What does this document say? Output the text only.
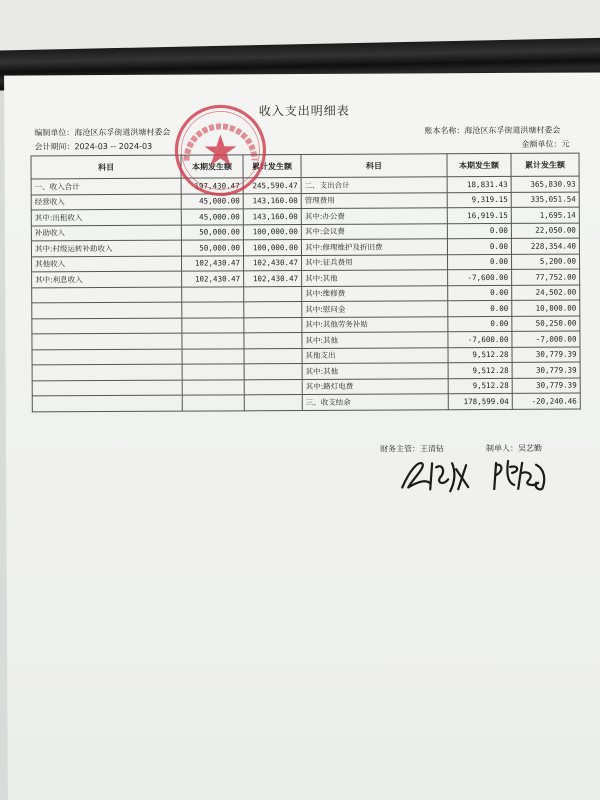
收入支出明细表
编制单位：海沧区东孚街道洪塘村委会
会计期间：2024-03 -- 2024-03
账本名称：海沧区东孚街道洪塘村委会
金额单位：元
科目	本期发生额	累计发生额	科目	本期发生额	累计发生额
一、收入合计	197,430.47	245,590.47	二、支出合计	18,831.43	365,830.93
经营收入	45,000.00	143,160.00	管理费用	9,319.15	335,051.54
其中:出租收入	45,000.00	143,160.00	其中:办公费	16,919.15	1,695.14
补助收入	50,000.00	100,000.00	其中:会议费	0.00	22,050.00
其中:村级运转补助收入	50,000.00	100,000.00	其中:修理维护及折旧费	0.00	228,354.40
其他收入	102,430.47	102,430.47	其中:征兵费用	0.00	5,200.00
其中:利息收入	102,430.47	102,430.47	其中:其他	-7,600.00	77,752.00
			其中:维修费	0.00	24,502.00
			其中:慰问金	0.00	10,000.00
			其中:其他劳务补贴	0.00	50,250.00
			其中:其他	-7,600.00	-7,000.00
			其他支出	9,512.28	30,779.39
			其中:其他	9,512.28	30,779.39
			其中:路灯电费	9,512.28	30,779.39
			三、收支结余	178,599.04	-20,240.46
财务主管：王清钻	制单人：吴艺勤
